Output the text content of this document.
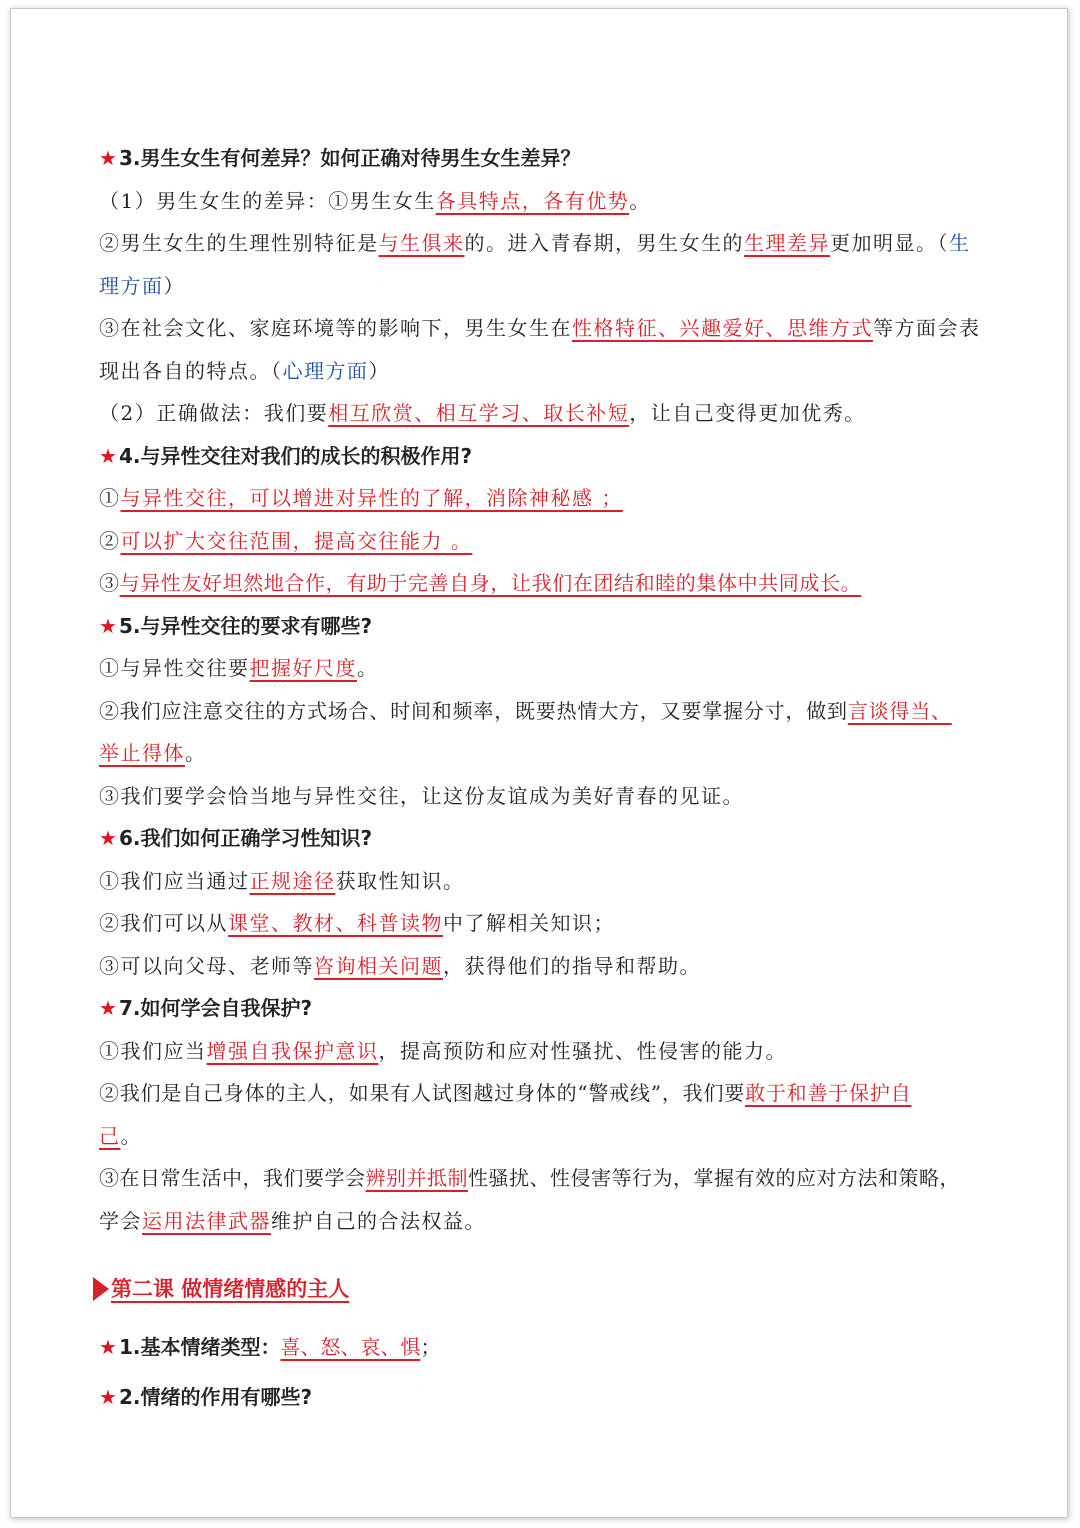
★ 3.男生女生有何差异？如何正确对待男生女生差异？
（1）男生女生的差异：①男生女生各具特点，各有优势。
②男生女生的生理性别特征是与生俱来的。进入青春期，男生女生的生理差异更加明显。（生
理方面）
③在社会文化、家庭环境等的影响下，男生女生在性格特征、兴趣爱好、思维方式等方面会表
现出各自的特点。（心理方面）
（2）正确做法：我们要相互欣赏、相互学习、取长补短，让自己变得更加优秀。
★ 4.与异性交往对我们的成长的积极作用?
①与异性交往，可以增进对异性的了解，消除神秘感 ；
②可以扩大交往范围，提高交往能力 。
③与异性友好坦然地合作，有助于完善自身，让我们在团结和睦的集体中共同成长。
★ 5.与异性交往的要求有哪些?
①与异性交往要把握好尺度。
②我们应注意交往的方式场合、时间和频率，既要热情大方，又要掌握分寸，做到言谈得当、
举止得体。
③我们要学会恰当地与异性交往，让这份友谊成为美好青春的见证。
★ 6.我们如何正确学习性知识?
①我们应当通过正规途径获取性知识。
②我们可以从课堂、教材、科普读物中了解相关知识；
③可以向父母、老师等咨询相关问题，获得他们的指导和帮助。
★ 7.如何学会自我保护?
①我们应当增强自我保护意识，提高预防和应对性骚扰、性侵害的能力。
②我们是自己身体的主人，如果有人试图越过身体的“警戒线”，我们要敢于和善于保护自
己。
③在日常生活中，我们要学会辨别并抵制性骚扰、性侵害等行为，掌握有效的应对方法和策略，
学会运用法律武器维护自己的合法权益。
第二课 做情绪情感的主人
★ 1.基本情绪类型：喜、怒、哀、惧；
★ 2.情绪的作用有哪些?
